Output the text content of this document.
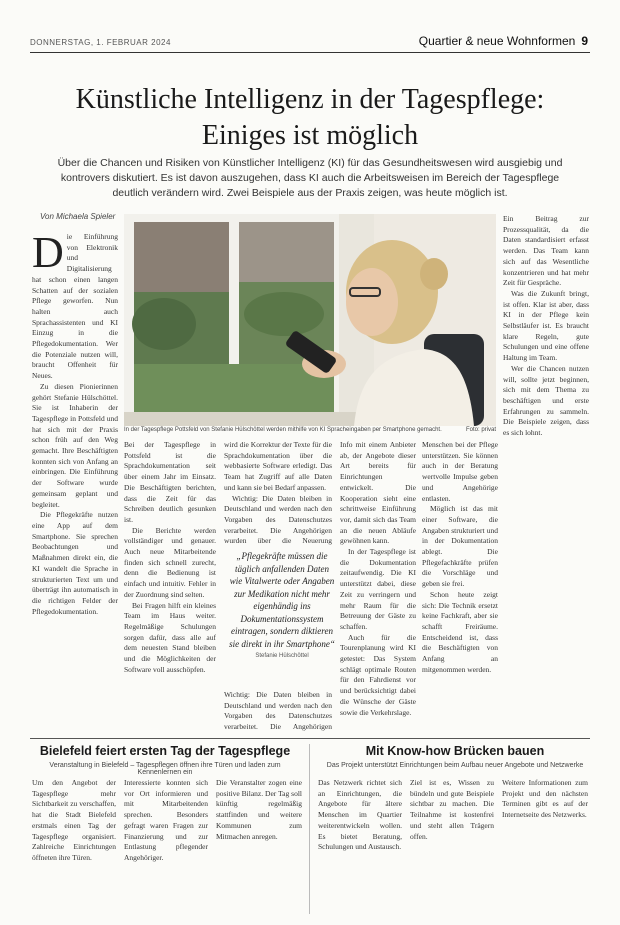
DONNERSTAG, 1. FEBRUAR 2024	Quartier & neue Wohnformen 9
Künstliche Intelligenz in der Tagespflege: Einiges ist möglich
Über die Chancen und Risiken von Künstlicher Intelligenz (KI) für das Gesundheitswesen wird ausgiebig und kontrovers diskutiert. Es ist davon auszugehen, dass KI auch die Arbeitsweisen im Bereich der Tagespflege deutlich verändern wird. Zwei Beispiele aus der Praxis zeigen, was heute möglich ist.
Von Michaela Spieler
D ie Einführung von Elektronik und Digitalisierung hat schon einen langen Schatten auf der sozialen Pflege geworfen. Nun halten auch Sprachassistenten und KI Einzug in die Pflegedokumentation. Wer die Potenziale nutzen will, braucht Offenheit für Neues.

Zu diesen Pionierinnen gehört Stefanie Hülschöttel. Sie ist Inhaberin der Tagespflege in Pottsfeld und hat sich mit der Praxis schon früh auf den Weg gemacht. Ihre Beschäftigten konnten sich von Anfang an einbringen. Die Einführung der Software wurde gemeinsam geplant und begleitet.

Die Pflegekräfte nutzen eine App auf dem Smartphone. Sie sprechen Beobachtungen und Maßnahmen direkt ein, die KI wandelt die Sprache in strukturierten Text um und überträgt ihn automatisch in die richtigen Felder der Pflegedokumentation.

In der Tagespflege Pottsfeld von Stefanie Hülschöttel werden mithilfe von KI Spracheingaben per Smartphone gemacht.	Foto: privat

Ein Beitrag zur Prozessqualität, da die Daten standardisiert erfasst werden. Das Team kann sich auf das Wesentliche konzentrieren und hat mehr Zeit für Gespräche.

Was die Zukunft bringt, ist offen. Klar ist aber, dass KI in der Pflege kein Selbstläufer ist. Es braucht klare Regeln, gute Schulungen und eine offene Haltung im Team.

Wer die Chancen nutzen will, sollte jetzt beginnen, sich mit dem Thema zu beschäftigen und erste Erfahrungen zu sammeln. Die Beispiele zeigen, dass es sich lohnt.

Bei der Tagespflege in Pottsfeld ist die Sprachdokumentation seit über einem Jahr im Einsatz. Die Beschäftigten berichten, dass die Zeit für das Schreiben deutlich gesunken ist.

Die Berichte werden vollständiger und genauer. Auch neue Mitarbeitende finden sich schnell zurecht, denn die Bedienung ist einfach und intuitiv. Fehler in der Zuordnung sind selten.

Bei Fragen hilft ein kleines Team im Haus weiter. Regelmäßige Schulungen sorgen dafür, dass alle auf dem neuesten Stand bleiben und die Möglichkeiten der Software voll ausschöpfen.

wird die Korrektur der Texte für die Sprachdokumentation über die webbasierte Software erledigt. Das Team hat Zugriff auf alle Daten und kann sie bei Bedarf anpassen.

Wichtig: Die Daten bleiben in Deutschland und werden nach den Vorgaben des Datenschutzes verarbeitet. Die Angehörigen wurden über die Neuerung

„Pflegekräfte müssen die täglich anfallenden Daten wie Vitalwerte oder Angaben zur Medikation nicht mehr eigenhändig ins Dokumentationssystem eintragen, sondern diktieren sie direkt in ihr Smartphone“
Stefanie Hülschöttel

Wichtig: Die Daten bleiben in Deutschland und werden nach den Vorgaben des Datenschutzes verarbeitet. Die Angehörigen

Info mit einem Anbieter ab, der Angebote dieser Art bereits für Einrichtungen entwickelt. Die Kooperation sieht eine schrittweise Einführung vor, damit sich das Team an die neuen Abläufe gewöhnen kann.

In der Tagespflege ist die Dokumentation zeitaufwendig. Die KI unterstützt dabei, diese Zeit zu verringern und mehr Raum für die Betreuung der Gäste zu schaffen.

Auch für die Tourenplanung wird KI getestet: Das System schlägt optimale Routen für den Fahrdienst vor und berücksichtigt dabei die Wünsche der Gäste sowie die Verkehrslage.

Menschen bei der Pflege unterstützen. Sie können auch in der Beratung wertvolle Impulse geben und Angehörige entlasten.

Möglich ist das mit einer Software, die Angaben strukturiert und in der Dokumentation ablegt. Die Pflegefachkräfte prüfen die Vorschläge und geben sie frei.

Schon heute zeigt sich: Die Technik ersetzt keine Fachkraft, aber sie schafft Freiräume. Entscheidend ist, dass die Beschäftigten von Anfang an mitgenommen werden.

Bielefeld feiert ersten Tag der Tagespflege
Veranstaltung in Bielefeld – Tagespflegen öffnen ihre Türen und laden zum Kennenlernen ein
Mit Know-how Brücken bauen
Das Projekt unterstützt Einrichtungen beim Aufbau neuer Angebote und Netzwerke
Um den Angebot der Tagespflege mehr Sichtbarkeit zu verschaffen, hat die Stadt Bielefeld erstmals einen Tag der Tagespflege organisiert. Zahlreiche Einrichtungen öffneten ihre Türen.
Interessierte konnten sich vor Ort informieren und mit Mitarbeitenden sprechen. Besonders gefragt waren Fragen zur Finanzierung und zur Entlastung pflegender Angehöriger.
Die Veranstalter zogen eine positive Bilanz. Der Tag soll künftig regelmäßig stattfinden und weitere Kommunen zum Mitmachen anregen.
Das Netzwerk richtet sich an Einrichtungen, die Angebote für ältere Menschen im Quartier weiterentwickeln wollen. Es bietet Beratung, Schulungen und Austausch.
Ziel ist es, Wissen zu bündeln und gute Beispiele sichtbar zu machen. Die Teilnahme ist kostenfrei und steht allen Trägern offen.
Weitere Informationen zum Projekt und den nächsten Terminen gibt es auf der Internetseite des Netzwerks.
